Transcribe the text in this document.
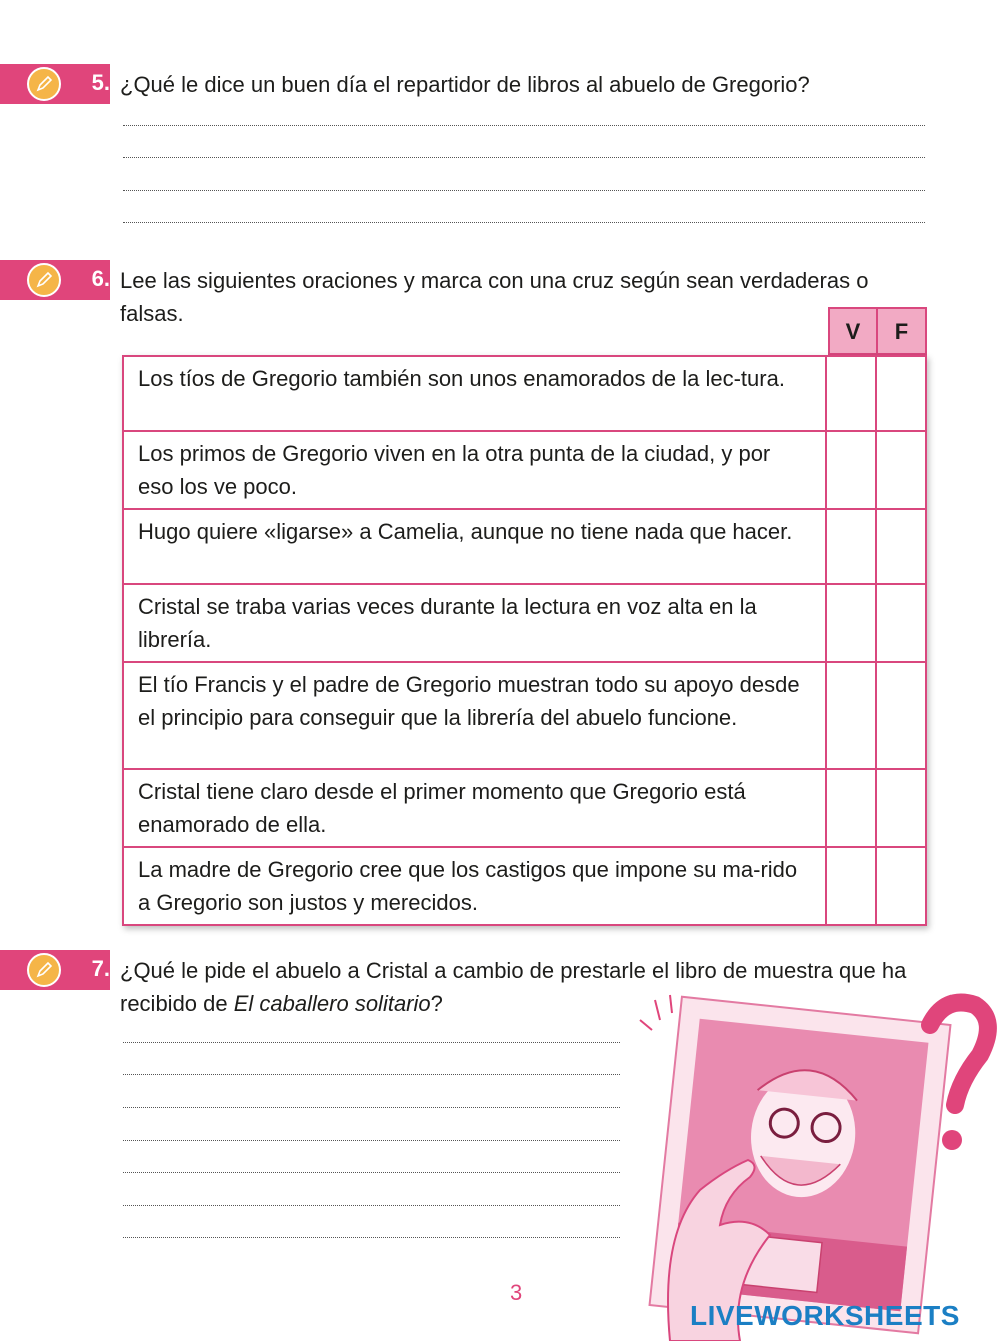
5. ¿Qué le dice un buen día el repartidor de libros al abuelo de Gregorio?

6. Lee las siguientes oraciones y marca con una cruz según sean verdaderas o falsas.

V	F
Los tíos de Gregorio también son unos enamorados de la lec-tura.		
Los primos de Gregorio viven en la otra punta de la ciudad, y por eso los ve poco.		
Hugo quiere «ligarse» a Camelia, aunque no tiene nada que hacer.		
Cristal se traba varias veces durante la lectura en voz alta en la librería.		
El tío Francis y el padre de Gregorio muestran todo su apoyo desde el principio para conseguir que la librería del abuelo funcione.		
Cristal tiene claro desde el primer momento que Gregorio está enamorado de ella.		
La madre de Gregorio cree que los castigos que impone su ma-rido a Gregorio son justos y merecidos.		
7. ¿Qué le pide el abuelo a Cristal a cambio de prestarle el libro de muestra que ha recibido de El caballero solitario?

3
LIVEWORKSHEETS
